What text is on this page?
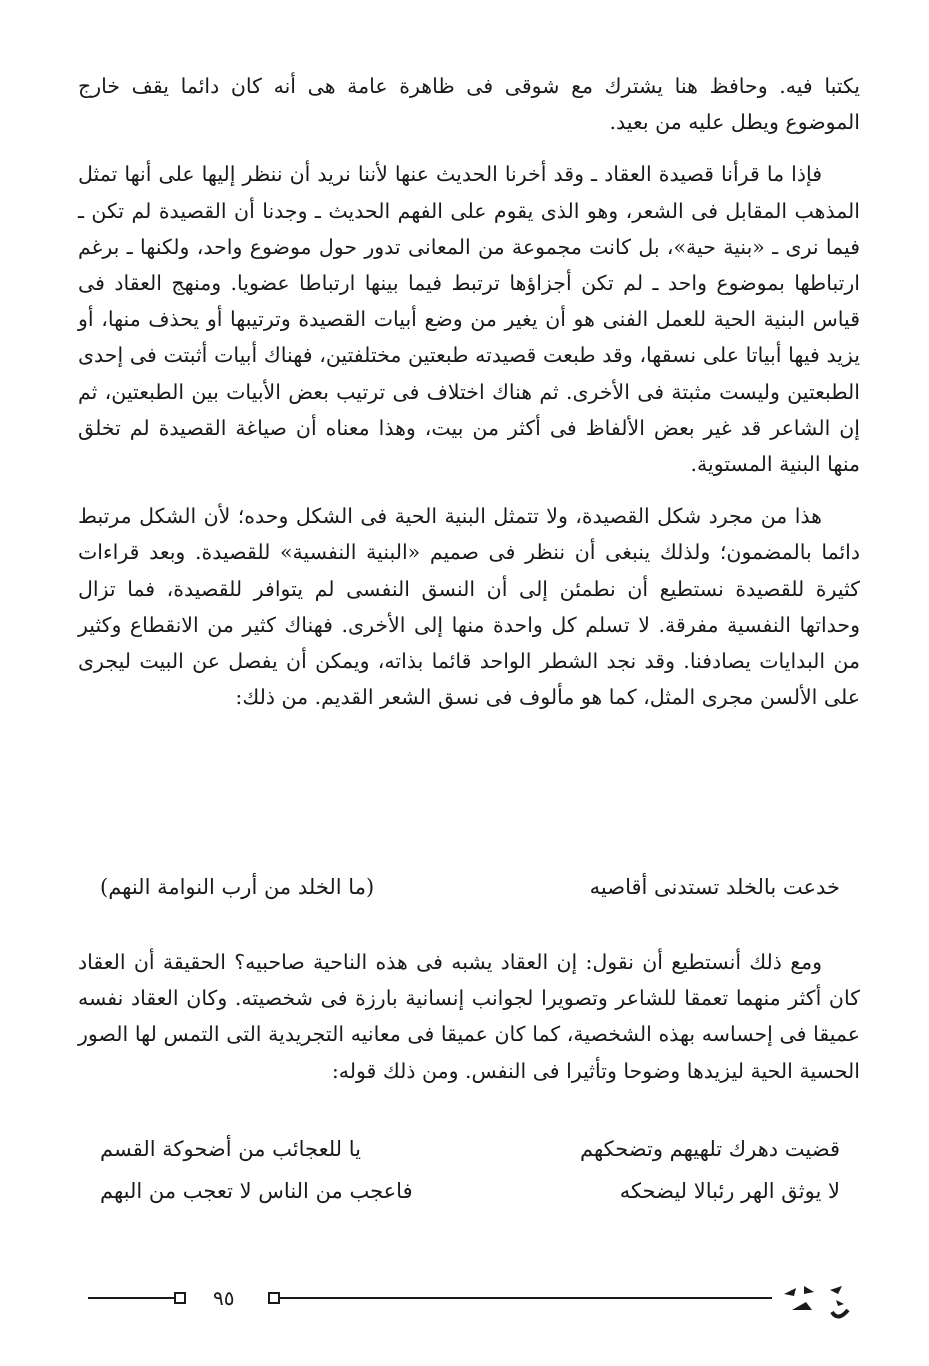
يكتبا فيه. وحافظ هنا يشترك مع شوقى فى ظاهرة عامة هى أنه كان دائما يقف خارج الموضوع ويطل عليه من بعيد.

فإذا ما قرأنا قصيدة العقاد ـ وقد أخرنا الحديث عنها لأننا نريد أن ننظر إليها على أنها تمثل المذهب المقابل فى الشعر، وهو الذى يقوم على الفهم الحديث ـ وجدنا أن القصيدة لم تكن ـ فيما نرى ـ «بنية حية»، بل كانت مجموعة من المعانى تدور حول موضوع واحد، ولكنها ـ برغم ارتباطها بموضوع واحد ـ لم تكن أجزاؤها ترتبط فيما بينها ارتباطا عضويا. ومنهج العقاد فى قياس البنية الحية للعمل الفنى هو أن يغير من وضع أبيات القصيدة وترتيبها أو يحذف منها، أو يزيد فيها أبياتا على نسقها، وقد طبعت قصيدته طبعتين مختلفتين، فهناك أبيات أثبتت فى إحدى الطبعتين وليست مثبتة فى الأخرى. ثم هناك اختلاف فى ترتيب بعض الأبيات بين الطبعتين، ثم إن الشاعر قد غير بعض الألفاظ فى أكثر من بيت، وهذا معناه أن صياغة القصيدة لم تخلق منها البنية المستوية.

هذا من مجرد شكل القصيدة، ولا تتمثل البنية الحية فى الشكل وحده؛ لأن الشكل مرتبط دائما بالمضمون؛ ولذلك ينبغى أن ننظر فى صميم «البنية النفسية» للقصيدة. وبعد قراءات كثيرة للقصيدة نستطيع أن نطمئن إلى أن النسق النفسى لم يتوافر للقصيدة، فما تزال وحداتها النفسية مفرقة. لا تسلم كل واحدة منها إلى الأخرى. فهناك كثير من الانقطاع وكثير من البدايات يصادفنا. وقد نجد الشطر الواحد قائما بذاته، ويمكن أن يفصل عن البيت ليجرى على الألسن مجرى المثل، كما هو مألوف فى نسق الشعر القديم. من ذلك:

خدعت بالخلد تستدنى أقاصيه
(ما الخلد من أرب النوامة النهم)

ومع ذلك أنستطيع أن نقول: إن العقاد يشبه فى هذه الناحية صاحبيه؟ الحقيقة أن العقاد كان أكثر منهما تعمقا للشاعر وتصويرا لجوانب إنسانية بارزة فى شخصيته. وكان العقاد نفسه عميقا فى إحساسه بهذه الشخصية، كما كان عميقا فى معانيه التجريدية التى التمس لها الصور الحسية الحية ليزيدها وضوحا وتأثيرا فى النفس. ومن ذلك قوله:

قضيت دهرك تلهيهم وتضحكهم
يا للعجائب من أضحوكة القسم
لا يوثق الهر رئبالا ليضحكه
فاعجب من الناس لا تعجب من البهم
٩٥
